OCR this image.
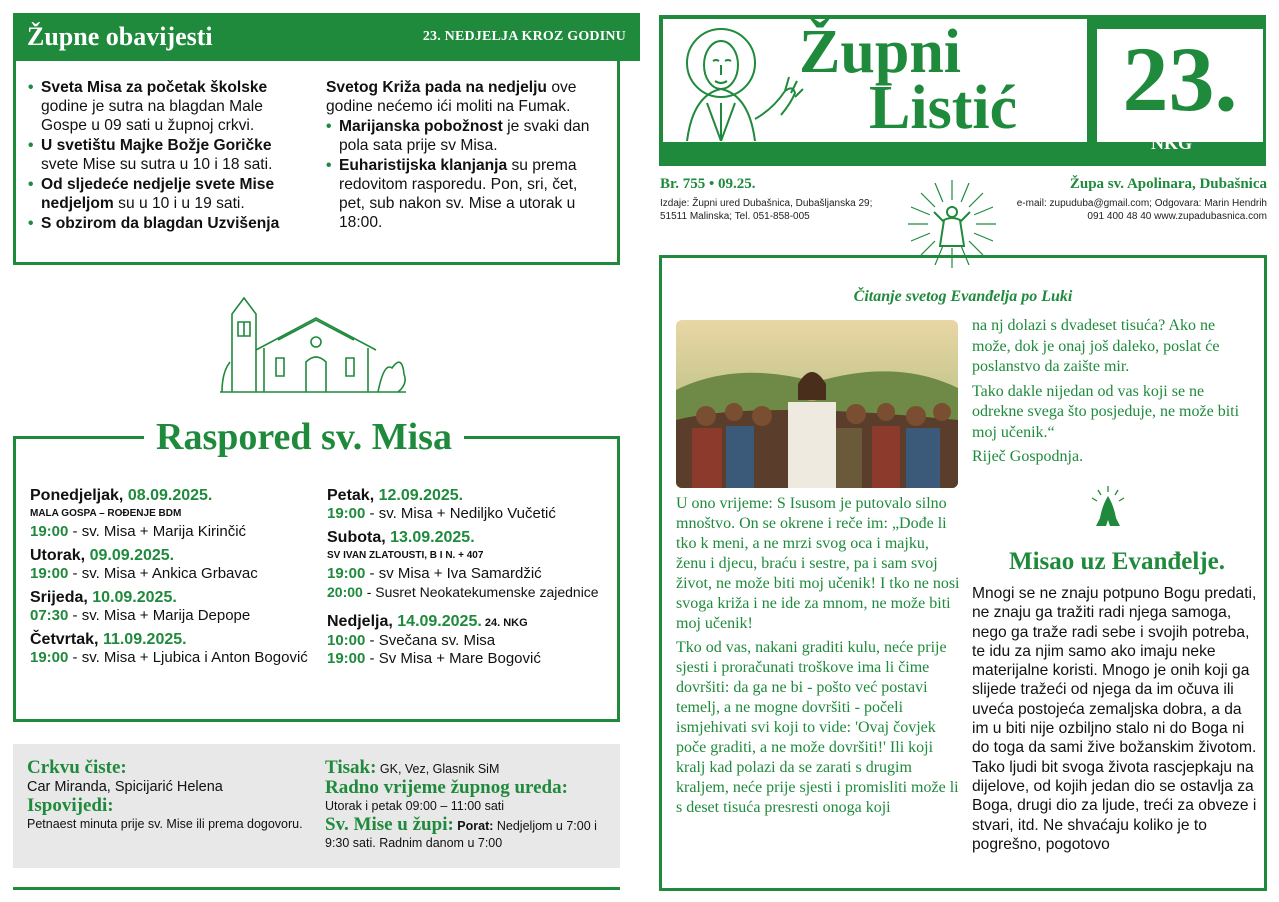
Župne obavijesti	23. NEDJELJA KROZ GODINU
• Sveta Misa za početak školske godine je sutra na blagdan Male Gospe u 09 sati u župnoj crkvi.
• U svetištu Majke Božje Goričke svete Mise su sutra u 10 i 18 sati.
• Od sljedeće nedjelje svete Mise nedjeljom su u 10 i u 19 sati.
• S obzirom da blagdan Uzvišenja
Svetog Križa pada na nedjelju ove godine nećemo ići moliti na Fumak.
• Marijanska pobožnost je svaki dan pola sata prije sv Misa.
• Euharistijska klanjanja su prema redovitom rasporedu. Pon, sri, čet, pet, sub nakon sv. Mise a utorak u 18:00.
Župni
Listić 23.
NKG
Br. 755 • 09.25.
Izdaje: Župni ured Dubašnica, Dubašljanska 29; 51511 Malinska; Tel. 051-858-005
Župa sv. Apolinara, Dubašnica
e-mail: zupuduba@gmail.com; Odgovara: Marin Hendrih 091 400 48 40 www.zupadubasnica.com
Raspored sv. Misa
Ponedjeljak, 08.09.2025.
MALA GOSPA – ROĐENJE BDM
19:00 - sv. Misa + Marija Kirinčić
Utorak, 09.09.2025.
19:00 - sv. Misa + Ankica Grbavac
Srijeda, 10.09.2025.
07:30 - sv. Misa + Marija Depope
Četvrtak, 11.09.2025.
19:00 - sv. Misa + Ljubica i Anton Bogović
Petak, 12.09.2025.
19:00 - sv. Misa + Nediljko Vučetić
Subota, 13.09.2025.
SV IVAN ZLATOUSTI, B I N. + 407
19:00 - sv Misa + Iva Samardžić
20:00 - Susret Neokatekumenske zajednice
Nedjelja, 14.09.2025. 24. NKG
10:00 - Svečana sv. Misa
19:00 - Sv Misa + Mare Bogović
Crkvu čiste:
Car Miranda, Spicijarić Helena
Ispovijedi:
Petnaest minuta prije sv. Mise ili prema dogovoru.
Tisak: GK, Vez, Glasnik SiM
Radno vrijeme župnog ureda:
Utorak i petak 09:00 – 11:00 sati
Sv. Mise u župi: Porat: Nedjeljom u 7:00 i 9:30 sati. Radnim danom u 7:00
Čitanje svetog Evanđelja po Luki
U ono vrijeme: S Isusom je putovalo silno mnoštvo. On se okrene i reče im: „Dođe li tko k meni, a ne mrzi svog oca i majku, ženu i djecu, braću i sestre, pa i sam svoj život, ne može biti moj učenik! I tko ne nosi svoga križa i ne ide za mnom, ne može biti moj učenik!
Tko od vas, nakani graditi kulu, neće prije sjesti i proračunati troškove ima li čime dovršiti: da ga ne bi - pošto već postavi temelj, a ne mogne dovršiti - počeli ismjehivati svi koji to vide: 'Ovaj čovjek poče graditi, a ne može dovršiti!' Ili koji kralj kad polazi da se zarati s drugim kraljem, neće prije sjesti i promisliti može li s deset tisuća presresti onoga koji
na nj dolazi s dvadeset tisuća? Ako ne može, dok je onaj još daleko, poslat će poslanstvo da zaište mir.
Tako dakle nijedan od vas koji se ne odrekne svega što posjeduje, ne može biti moj učenik.“
Riječ Gospodnja.
Misao uz Evanđelje.
Mnogi se ne znaju potpuno Bogu predati, ne znaju ga tražiti radi njega samoga, nego ga traže radi sebe i svojih potreba, te idu za njim samo ako imaju neke materijalne koristi. Mnogo je onih koji ga slijede tražeći od njega da im očuva ili uveća postojeća zemaljska dobra, a da im u biti nije ozbiljno stalo ni do Boga ni do toga da sami žive božanskim životom. Tako ljudi bit svoga života rascjepkaju na dijelove, od kojih jedan dio se ostavlja za Boga, drugi dio za ljude, treći za obveze i stvari, itd. Ne shvaćaju koliko je to pogrešno, pogotovo
